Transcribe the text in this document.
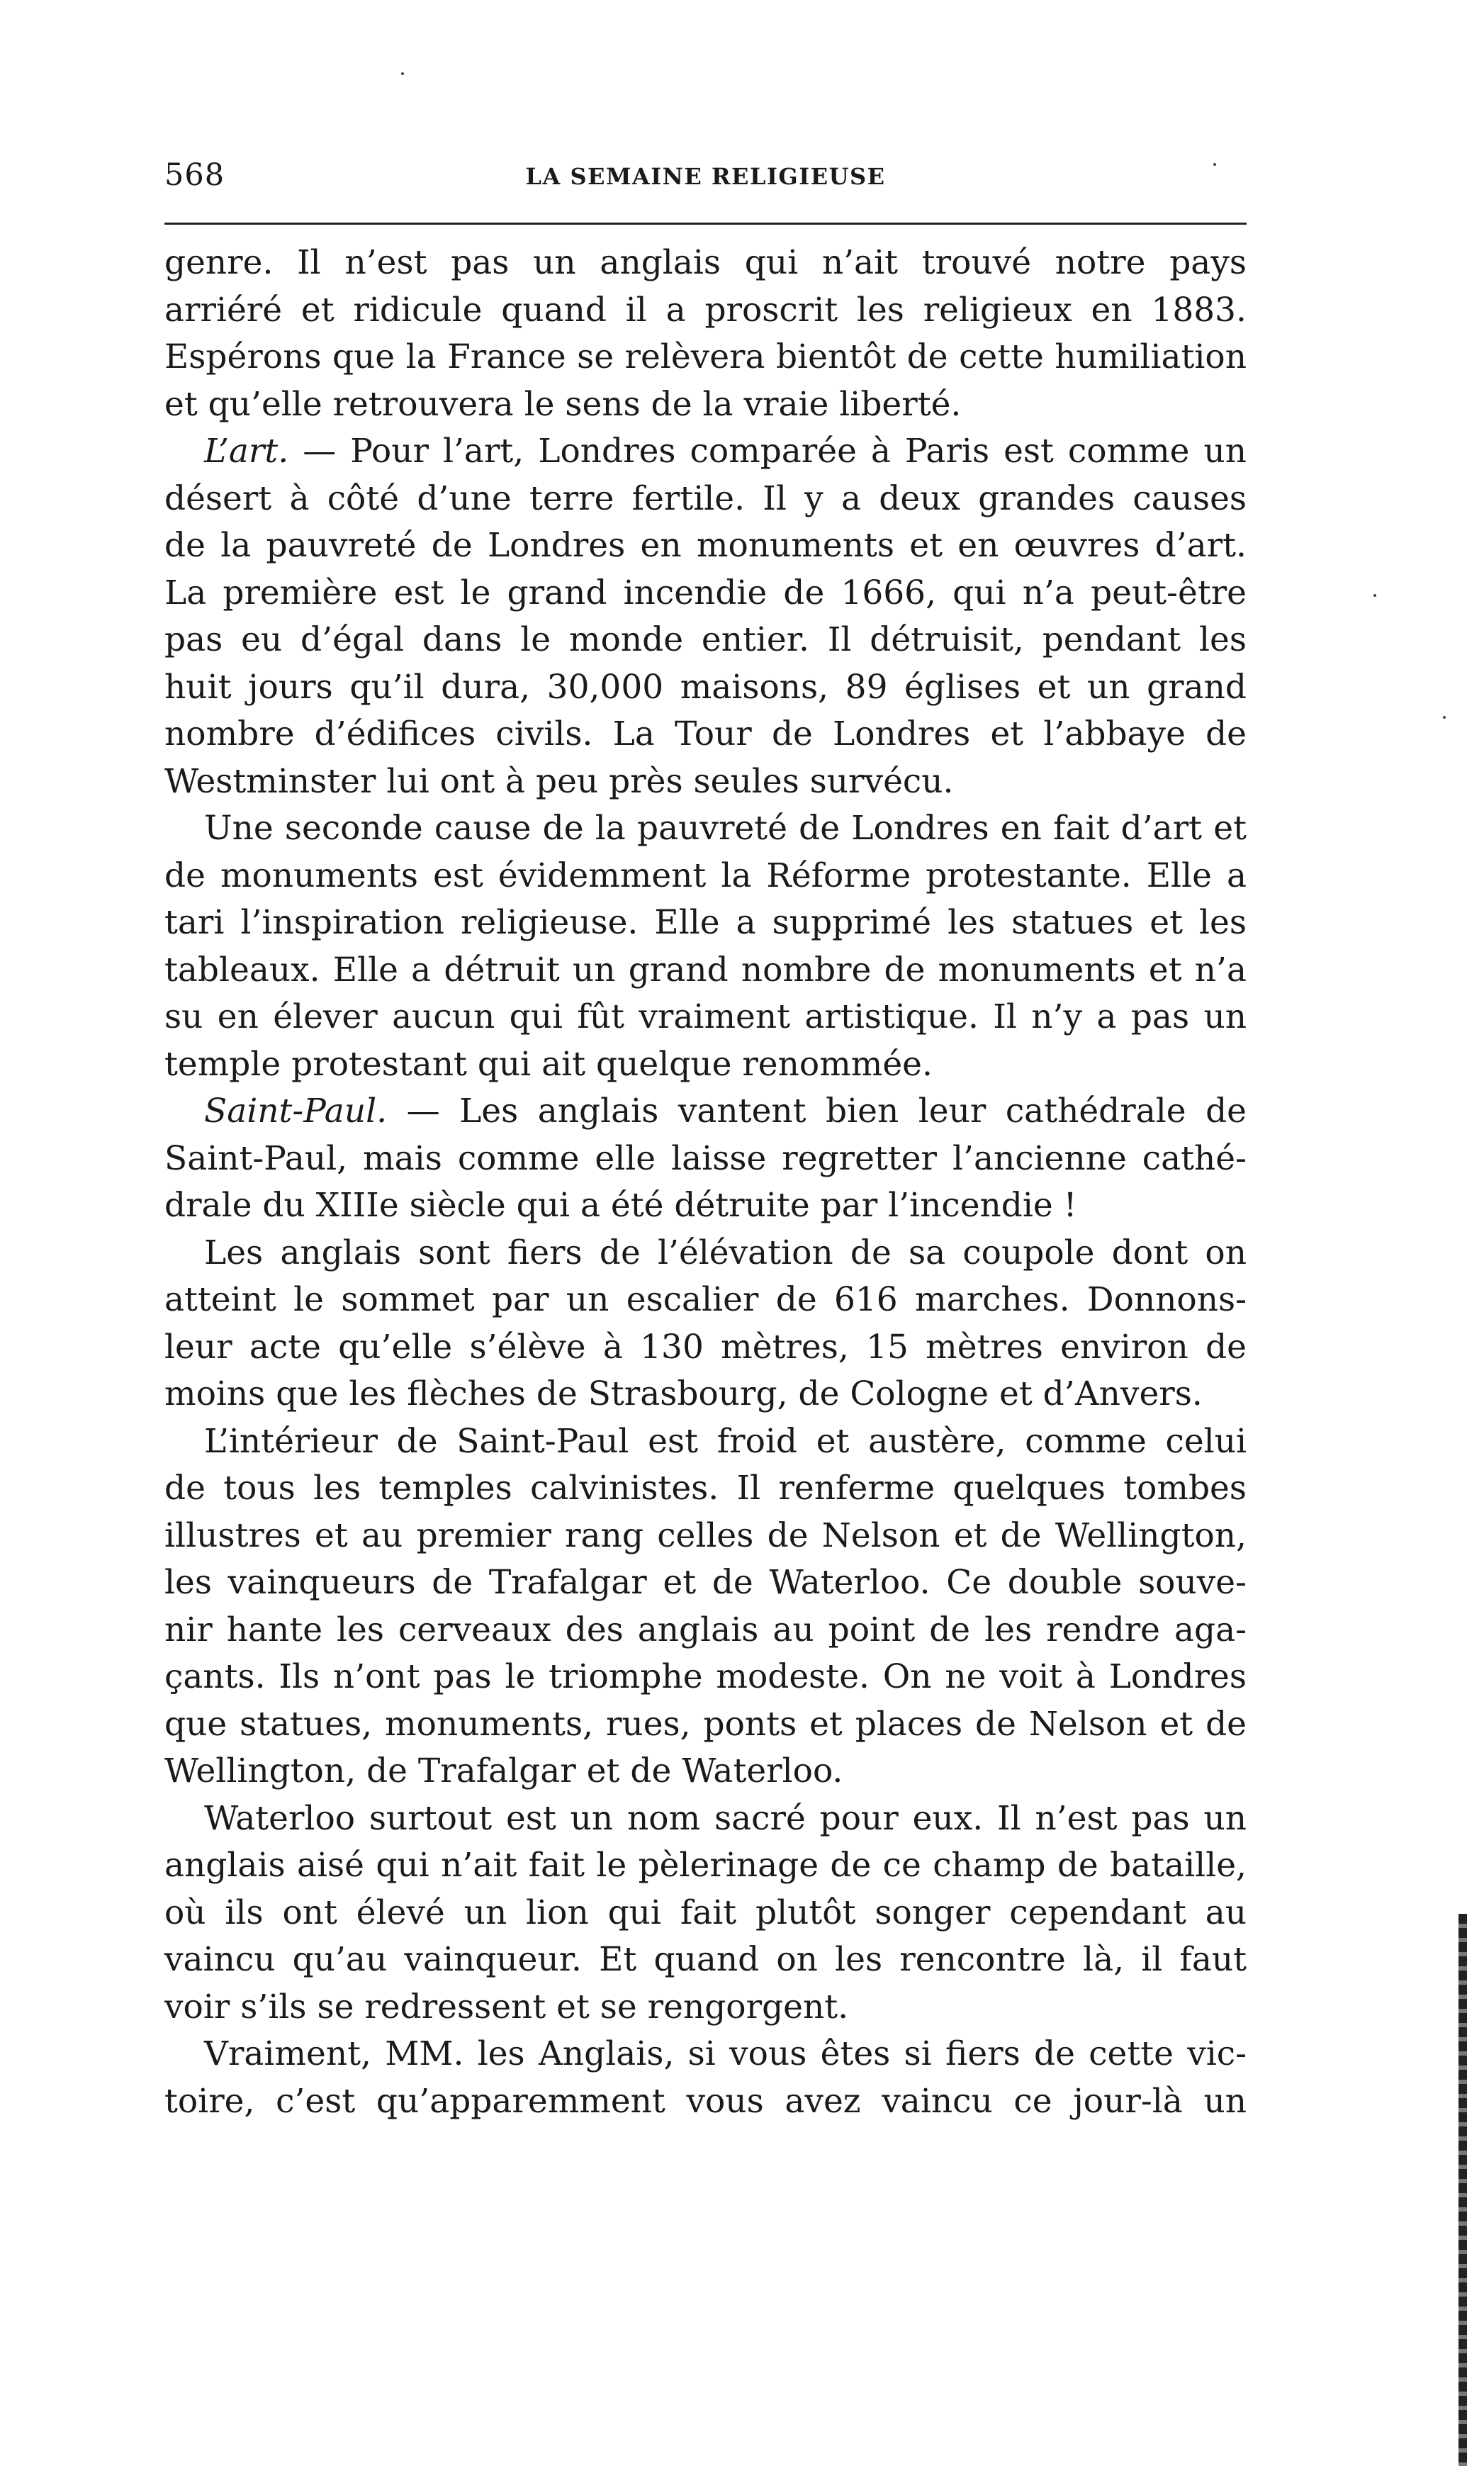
568	LA SEMAINE RELIGIEUSE
genre. Il n’est pas un anglais qui n’ait trouvé notre pays
arriéré et ridicule quand il a proscrit les religieux en 1883.
Espérons que la France se relèvera bientôt de cette humiliation
et qu’elle retrouvera le sens de la vraie liberté.
L’art. — Pour l’art, Londres comparée à Paris est comme un
désert à côté d’une terre fertile. Il y a deux grandes causes
de la pauvreté de Londres en monuments et en œuvres d’art.
La première est le grand incendie de 1666, qui n’a peut-être
pas eu d’égal dans le monde entier. Il détruisit, pendant les
huit jours qu’il dura, 30,000 maisons, 89 églises et un grand
nombre d’édifices civils. La Tour de Londres et l’abbaye de
Westminster lui ont à peu près seules survécu.
Une seconde cause de la pauvreté de Londres en fait d’art et
de monuments est évidemment la Réforme protestante. Elle a
tari l’inspiration religieuse. Elle a supprimé les statues et les
tableaux. Elle a détruit un grand nombre de monuments et n’a
su en élever aucun qui fût vraiment artistique. Il n’y a pas un
temple protestant qui ait quelque renommée.
Saint-Paul. — Les anglais vantent bien leur cathédrale de
Saint-Paul, mais comme elle laisse regretter l’ancienne cathé-
drale du XIIIe siècle qui a été détruite par l’incendie !
Les anglais sont fiers de l’élévation de sa coupole dont on
atteint le sommet par un escalier de 616 marches. Donnons-
leur acte qu’elle s’élève à 130 mètres, 15 mètres environ de
moins que les flèches de Strasbourg, de Cologne et d’Anvers.
L’intérieur de Saint-Paul est froid et austère, comme celui
de tous les temples calvinistes. Il renferme quelques tombes
illustres et au premier rang celles de Nelson et de Wellington,
les vainqueurs de Trafalgar et de Waterloo. Ce double souve-
nir hante les cerveaux des anglais au point de les rendre aga-
çants. Ils n’ont pas le triomphe modeste. On ne voit à Londres
que statues, monuments, rues, ponts et places de Nelson et de
Wellington, de Trafalgar et de Waterloo.
Waterloo surtout est un nom sacré pour eux. Il n’est pas un
anglais aisé qui n’ait fait le pèlerinage de ce champ de bataille,
où ils ont élevé un lion qui fait plutôt songer cependant au
vaincu qu’au vainqueur. Et quand on les rencontre là, il faut
voir s’ils se redressent et se rengorgent.
Vraiment, MM. les Anglais, si vous êtes si fiers de cette vic-
toire, c’est qu’apparemment vous avez vaincu ce jour-là un
